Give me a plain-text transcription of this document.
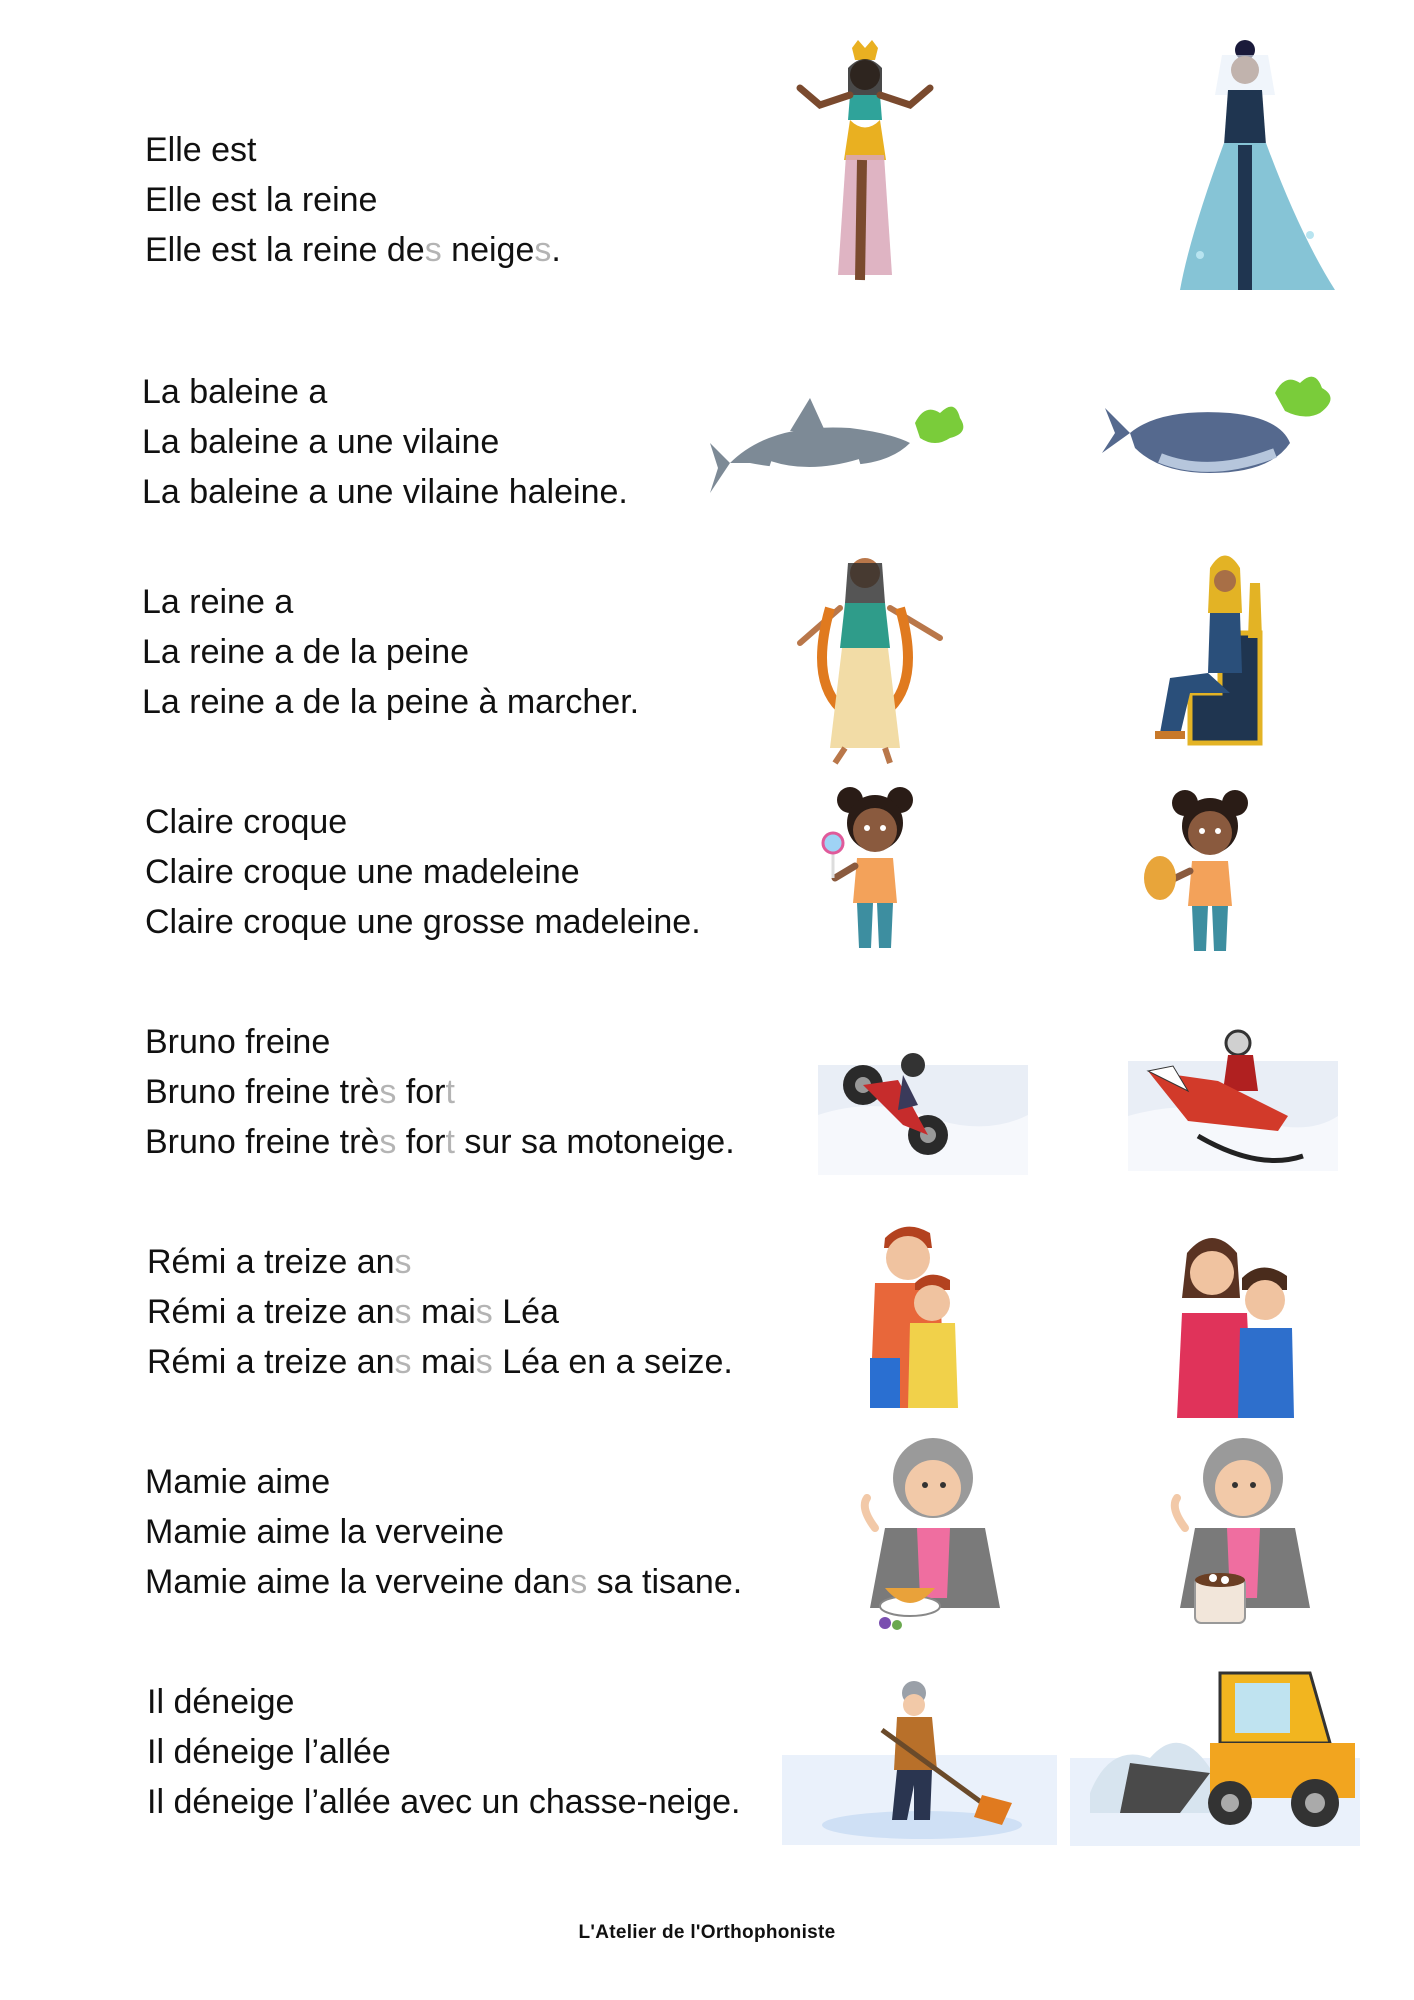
Elle est
Elle est la reine
Elle est la reine des neiges.
La baleine a
La baleine a une vilaine
La baleine a une vilaine haleine.
La reine a
La reine a de la peine
La reine a de la peine à marcher.
Claire croque
Claire croque une madeleine
Claire croque une grosse madeleine.
Bruno freine
Bruno freine très fort
Bruno freine très fort sur sa motoneige.
Rémi a treize ans
Rémi a treize ans mais Léa
Rémi a treize ans mais Léa en a seize.
Mamie aime
Mamie aime la verveine
Mamie aime la verveine dans sa tisane.
Il déneige
Il déneige l’allée
Il déneige l’allée avec un chasse-neige.
L'Atelier de l'Orthophoniste
